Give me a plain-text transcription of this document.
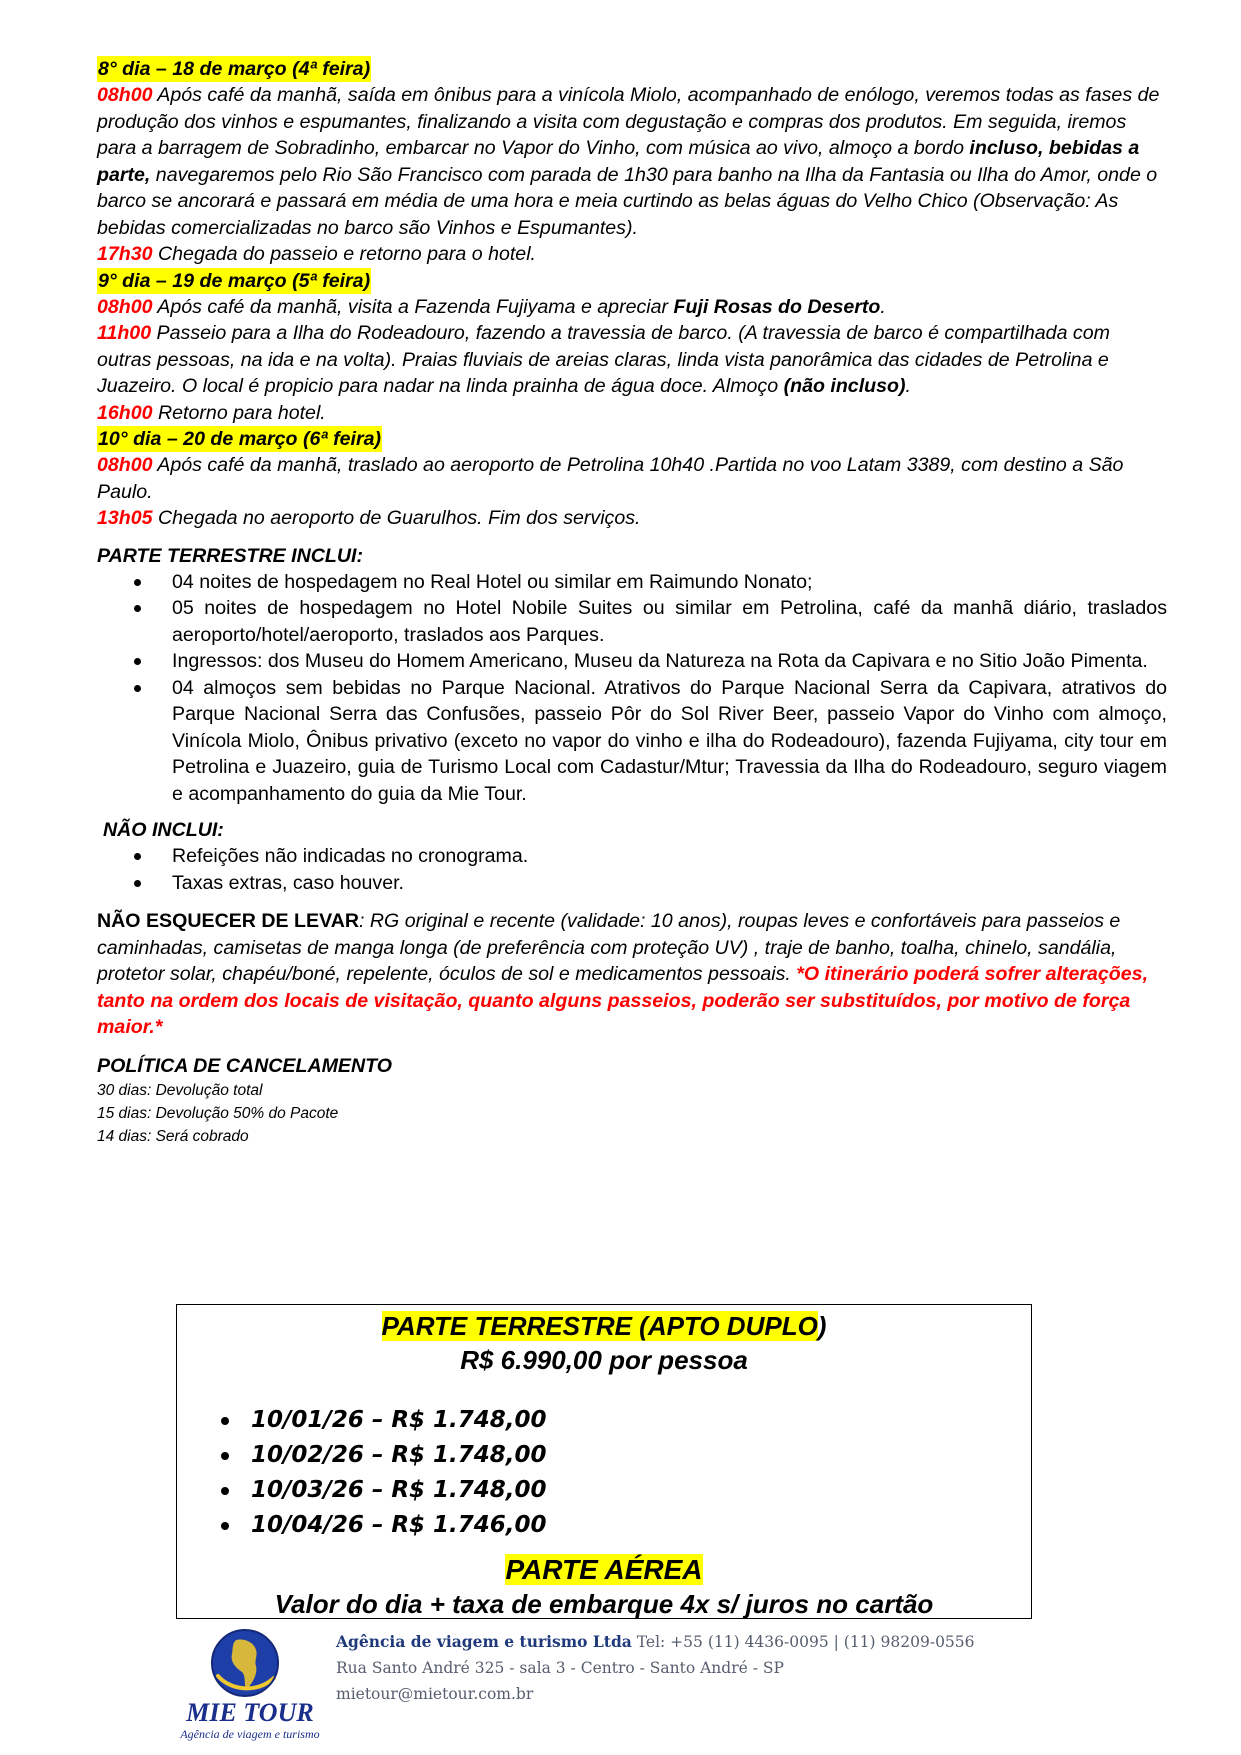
8° dia – 18 de março (4ª feira)

08h00 Após café da manhã, saída em ônibus para a vinícola Miolo, acompanhado de enólogo, veremos todas as fases de produção dos vinhos e espumantes, finalizando a visita com degustação e compras dos produtos. Em seguida, iremos para a barragem de Sobradinho, embarcar no Vapor do Vinho, com música ao vivo, almoço a bordo incluso, bebidas a parte, navegaremos pelo Rio São Francisco com parada de 1h30 para banho na Ilha da Fantasia ou Ilha do Amor, onde o barco se ancorará e passará em média de uma hora e meia curtindo as belas águas do Velho Chico (Observação: As bebidas comercializadas no barco são Vinhos e Espumantes).

17h30 Chegada do passeio e retorno para o hotel.

9° dia – 19 de março (5ª feira)

08h00 Após café da manhã, visita a Fazenda Fujiyama e apreciar Fuji Rosas do Deserto.

11h00 Passeio para a Ilha do Rodeadouro, fazendo a travessia de barco. (A travessia de barco é compartilhada com outras pessoas, na ida e na volta). Praias fluviais de areias claras, linda vista panorâmica das cidades de Petrolina e Juazeiro. O local é propicio para nadar na linda prainha de água doce. Almoço (não incluso).

16h00 Retorno para hotel.

10° dia – 20 de março (6ª feira)

08h00 Após café da manhã, traslado ao aeroporto de Petrolina 10h40 .Partida no voo Latam 3389, com destino a São Paulo.

13h05 Chegada no aeroporto de Guarulhos. Fim dos serviços.

PARTE TERRESTRE INCLUI:

04 noites de hospedagem no Real Hotel ou similar em Raimundo Nonato;
05 noites de hospedagem no Hotel Nobile Suites ou similar em Petrolina, café da manhã diário, traslados aeroporto/hotel/aeroporto, traslados aos Parques.
Ingressos: dos Museu do Homem Americano, Museu da Natureza na Rota da Capivara e no Sitio João Pimenta.
04 almoços sem bebidas no Parque Nacional. Atrativos do Parque Nacional Serra da Capivara, atrativos do Parque Nacional Serra das Confusões, passeio Pôr do Sol River Beer, passeio Vapor do Vinho com almoço, Vinícola Miolo, Ônibus privativo (exceto no vapor do vinho e ilha do Rodeadouro), fazenda Fujiyama, city tour em Petrolina e Juazeiro, guia de Turismo Local com Cadastur/Mtur; Travessia da Ilha do Rodeadouro, seguro viagem e acompanhamento do guia da Mie Tour.

NÃO INCLUI:

Refeições não indicadas no cronograma.
Taxas extras, caso houver.

NÃO ESQUECER DE LEVAR: RG original e recente (validade: 10 anos), roupas leves e confortáveis para passeios e caminhadas, camisetas de manga longa (de preferência com proteção UV) , traje de banho, toalha, chinelo, sandália, protetor solar, chapéu/boné, repelente, óculos de sol e medicamentos pessoais. *O itinerário poderá sofrer alterações, tanto na ordem dos locais de visitação, quanto alguns passeios, poderão ser substituídos, por motivo de força maior.*

POLÍTICA DE CANCELAMENTO

30 dias: Devolução total

15 dias: Devolução 50% do Pacote

14 dias: Será cobrado

PARTE TERRESTRE (APTO DUPLO)
R$ 6.990,00 por pessoa
10/01/26 – R$ 1.748,00
10/02/26 – R$ 1.748,00
10/03/26 – R$ 1.748,00
10/04/26 – R$ 1.746,00
PARTE AÉREA
Valor do dia + taxa de embarque 4x s/ juros no cartão
MIE TOUR
Agência de viagem e turismo
Agência de viagem e turismo Ltda Tel: +55 (11) 4436-0095 | (11) 98209-0556
Rua Santo André 325 - sala 3 - Centro - Santo André - SP
mietour@mietour.com.br
